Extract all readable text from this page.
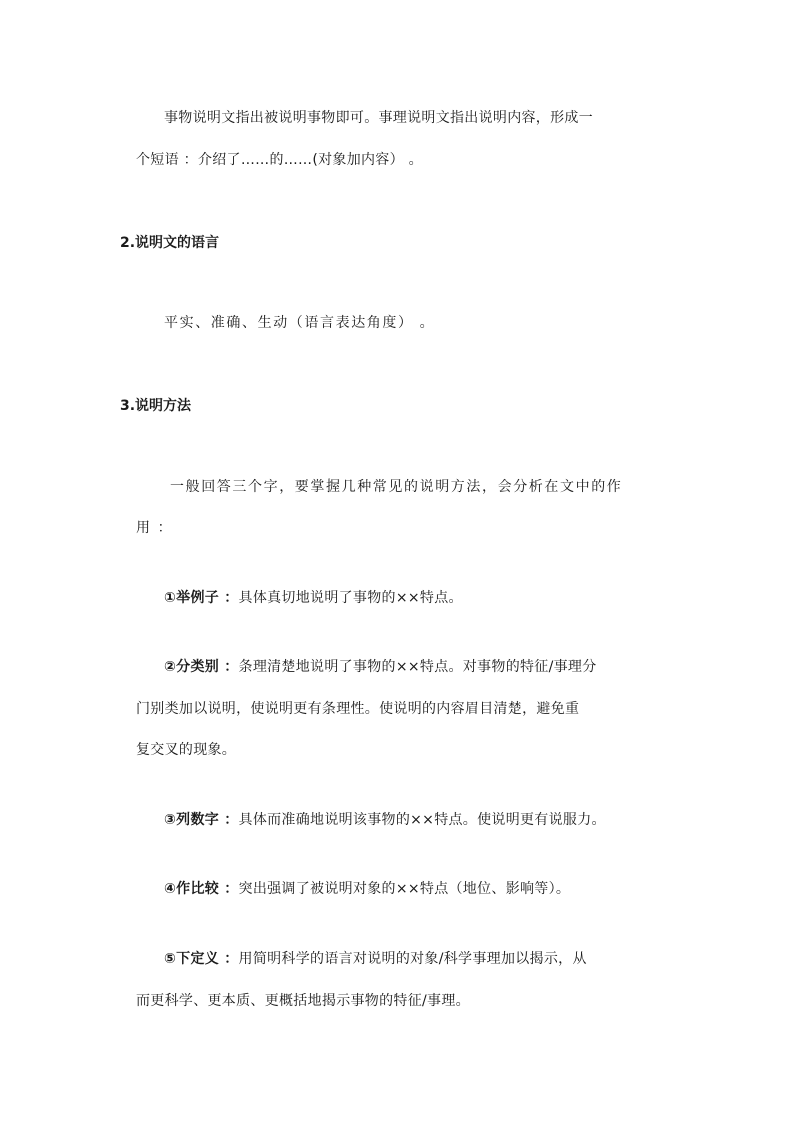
事物说明文指出被说明事物即可。事理说明文指出说明内容，形成一
个短语 ：介绍了……的……(对象加内容） 。
2.说明文的语言
平实、准确、生动（语言表达角度） 。
3.说明方法
一般回答三个字，要掌握几种常见的说明方法，会分析在文中的作
用 ：
①举例子 ：具体真切地说明了事物的××特点。
②分类别 ：条理清楚地说明了事物的××特点。对事物的特征/事理分
门别类加以说明，使说明更有条理性。使说明的内容眉目清楚，避免重
复交叉的现象。
③列数字 ：具体而准确地说明该事物的××特点。使说明更有说服力。
④作比较 ：突出强调了被说明对象的××特点（地位、影响等）。
⑤下定义 ：用简明科学的语言对说明的对象/科学事理加以揭示，从
而更科学、更本质、更概括地揭示事物的特征/事理。
